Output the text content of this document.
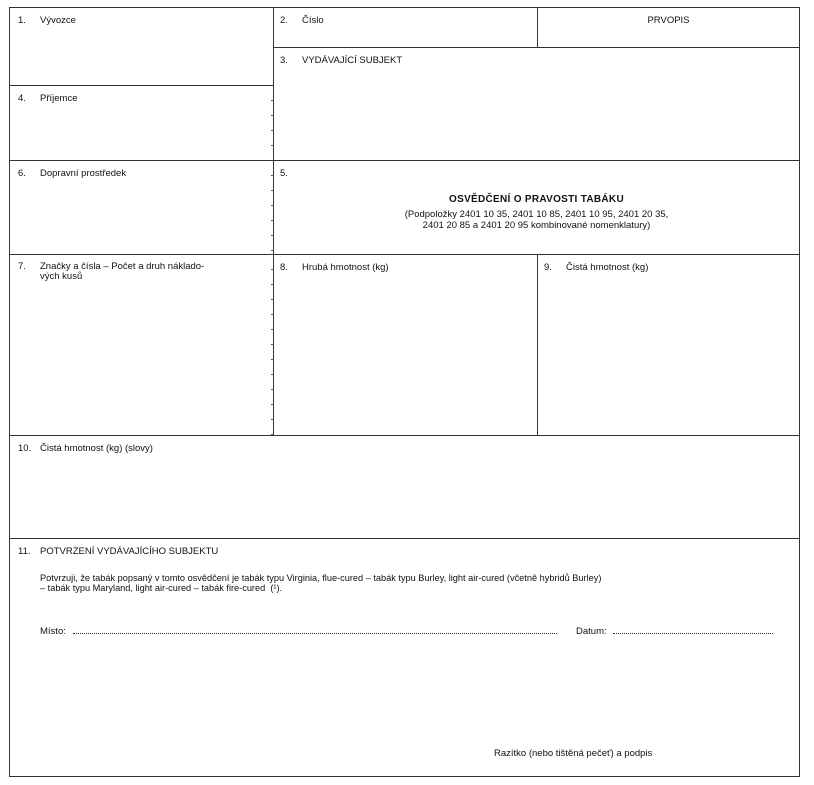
1. Vývozce	2. Číslo	PRVOPIS
3. VYDÁVAJÍCÍ SUBJEKT
4. Příjemce
6. Dopravní prostředek	5.
OSVĚDČENÍ O PRAVOSTI TABÁKU
(Podpoložky 2401 10 35, 2401 10 85, 2401 10 95, 2401 20 35,
2401 20 85 a 2401 20 95 kombinované nomenklatury)
7. Značky a čísla – Počet a druh náklado-
vých kusů
8. Hrubá hmotnost (kg)	9. Čistá hmotnost (kg)
10. Čistá hmotnost (kg) (slovy)
11. POTVRZENÍ VYDÁVAJÍCÍHO SUBJEKTU
Potvrzuji, že tabák popsaný v tomto osvědčení je tabák typu Virginia, flue-cured – tabák typu Burley, light air-cured (včetně hybridů Burley)
– tabák typu Maryland, light air-cured – tabák fire-cured (¹).
Místo:	Datum:
Razítko (nebo tištěná pečeť) a podpis
